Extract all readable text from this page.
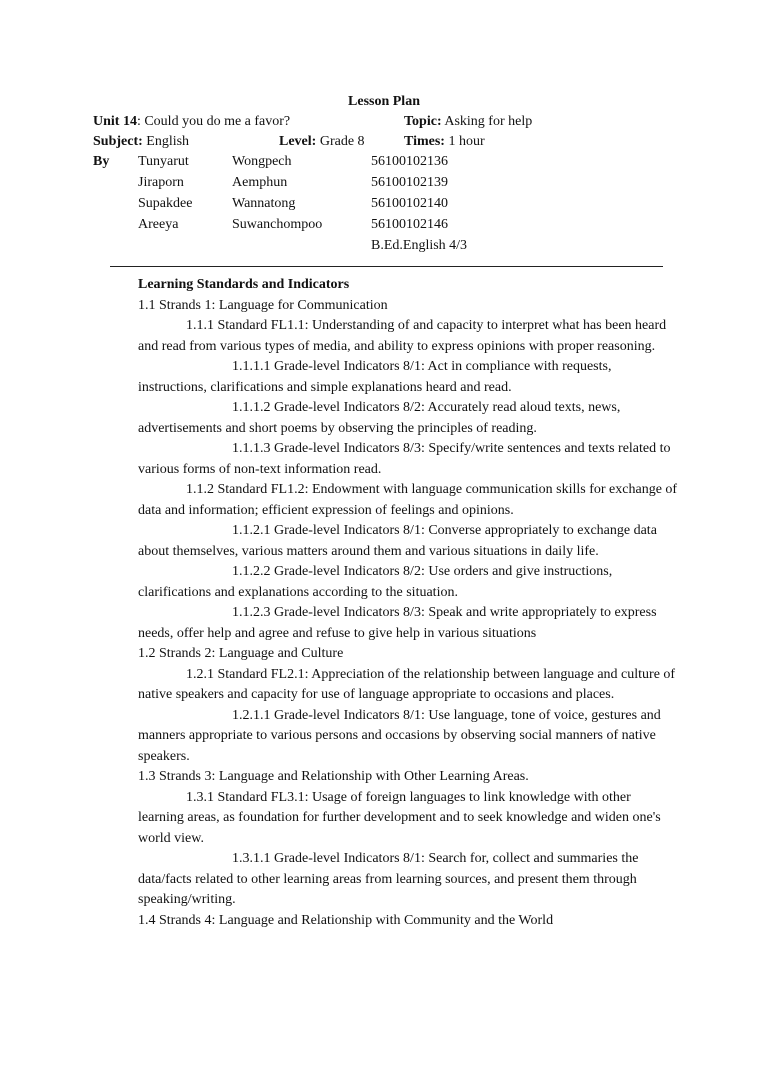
Lesson Plan
Unit 14: Could you do me a favor?	Topic: Asking for help
Subject: English	Level: Grade 8	Times: 1 hour
By Tunyarut	Wongpech	56100102136
Jiraporn	Aemphun	56100102139
Supakdee	Wannatong	56100102140
Areeya	Suwanchompoo	56100102146
B.Ed.English 4/3

Learning Standards and Indicators

1.1 Strands 1: Language for Communication

1.1.1 Standard FL1.1: Understanding of and capacity to interpret what has been heard and read from various types of media, and ability to express opinions with proper reasoning.

1.1.1.1 Grade-level Indicators 8/1: Act in compliance with requests, instructions, clarifications and simple explanations heard and read.

1.1.1.2 Grade-level Indicators 8/2: Accurately read aloud texts, news, advertisements and short poems by observing the principles of reading.

1.1.1.3 Grade-level Indicators 8/3: Specify/write sentences and texts related to various forms of non-text information read.

1.1.2 Standard FL1.2: Endowment with language communication skills for exchange of data and information; efficient expression of feelings and opinions.

1.1.2.1 Grade-level Indicators 8/1: Converse appropriately to exchange data about themselves, various matters around them and various situations in daily life.

1.1.2.2 Grade-level Indicators 8/2: Use orders and give instructions, clarifications and explanations according to the situation.

1.1.2.3 Grade-level Indicators 8/3: Speak and write appropriately to express needs, offer help and agree and refuse to give help in various situations

1.2 Strands 2: Language and Culture

1.2.1 Standard FL2.1: Appreciation of the relationship between language and culture of native speakers and capacity for use of language appropriate to occasions and places.

1.2.1.1 Grade-level Indicators 8/1: Use language, tone of voice, gestures and manners appropriate to various persons and occasions by observing social manners of native speakers.

1.3 Strands 3: Language and Relationship with Other Learning Areas.

1.3.1 Standard FL3.1: Usage of foreign languages to link knowledge with other learning areas, as foundation for further development and to seek knowledge and widen one's world view.

1.3.1.1 Grade-level Indicators 8/1: Search for, collect and summaries the data/facts related to other learning areas from learning sources, and present them through speaking/writing.

1.4 Strands 4: Language and Relationship with Community and the World
